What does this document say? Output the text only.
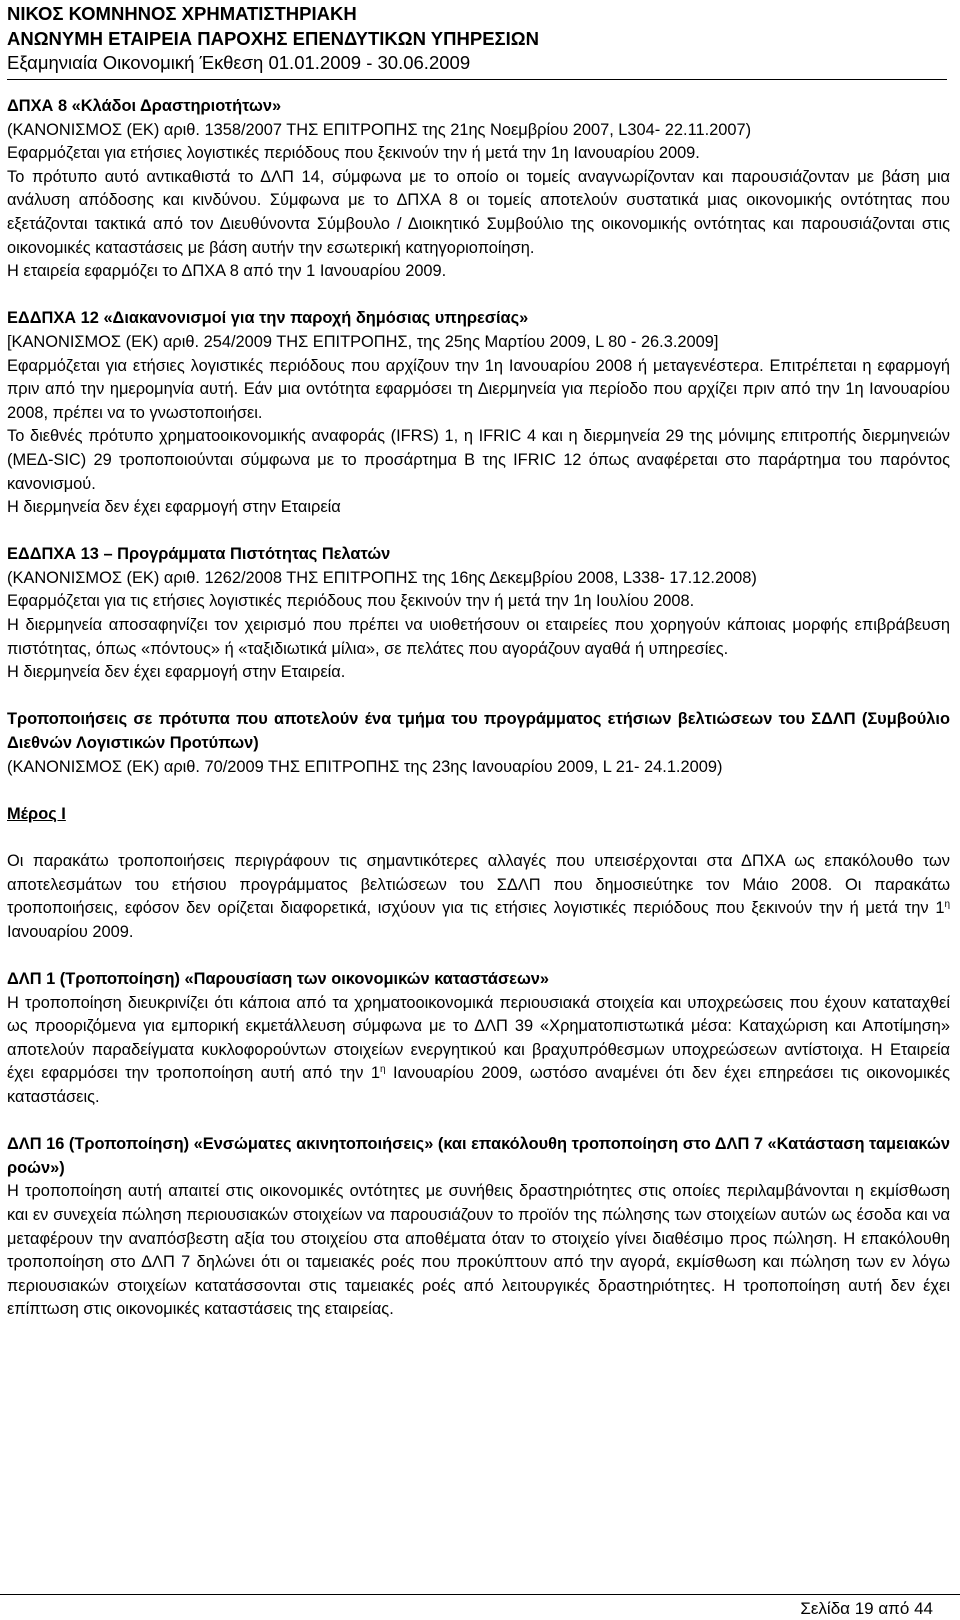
ΝΙΚΟΣ ΚΟΜΝΗΝΟΣ ΧΡΗΜΑΤΙΣΤΗΡΙΑΚΗ
ΑΝΩΝΥΜΗ ΕΤΑΙΡΕΙΑ ΠΑΡΟΧΗΣ ΕΠΕΝΔΥΤΙΚΩΝ ΥΠΗΡΕΣΙΩΝ
Εξαμηνιαία Οικονομική Έκθεση 01.01.2009 - 30.06.2009

ΔΠΧΑ 8 «Κλάδοι Δραστηριοτήτων»

(ΚΑΝΟΝΙΣΜΟΣ (ΕΚ) αριθ. 1358/2007 ΤΗΣ ΕΠΙΤΡΟΠΗΣ της 21ης Νοεμβρίου 2007, L304- 22.11.2007)

Εφαρμόζεται για ετήσιες λογιστικές περιόδους που ξεκινούν την ή μετά την 1η Ιανουαρίου 2009.

Το πρότυπο αυτό αντικαθιστά το ΔΛΠ 14, σύμφωνα με το οποίο οι τομείς αναγνωρίζονταν και παρουσιάζονταν με βάση μια ανάλυση απόδοσης και κινδύνου. Σύμφωνα με το ΔΠΧΑ 8 οι τομείς αποτελούν συστατικά μιας οικονομικής οντότητας που εξετάζονται τακτικά από τον Διευθύνοντα Σύμβουλο / Διοικητικό Συμβούλιο της οικονομικής οντότητας και παρουσιάζονται στις οικονομικές καταστάσεις με βάση αυτήν την εσωτερική κατηγοριοποίηση.

Η εταιρεία εφαρμόζει το ΔΠΧΑ 8 από την 1 Ιανουαρίου 2009.

ΕΔΔΠΧΑ 12 «Διακανονισμοί για την παροχή δημόσιας υπηρεσίας»

[ΚΑΝΟΝΙΣΜΟΣ (ΕΚ) αριθ. 254/2009 ΤΗΣ ΕΠΙΤΡΟΠΗΣ, της 25ης Μαρτίου 2009, L 80 - 26.3.2009]

Εφαρμόζεται για ετήσιες λογιστικές περιόδους που αρχίζουν την 1η Ιανουαρίου 2008 ή μεταγενέστερα. Επιτρέπεται η εφαρμογή πριν από την ημερομηνία αυτή. Εάν μια οντότητα εφαρμόσει τη Διερμηνεία για περίοδο που αρχίζει πριν από την 1η Ιανουαρίου 2008, πρέπει να το γνωστοποιήσει.

Το διεθνές πρότυπο χρηματοοικονομικής αναφοράς (IFRS) 1, η IFRIC 4 και η διερμηνεία 29 της μόνιμης επιτροπής διερμηνειών (ΜΕΔ-SIC) 29 τροποποιούνται σύμφωνα με το προσάρτημα Β της IFRIC 12 όπως αναφέρεται στο παράρτημα του παρόντος κανονισμού.

Η διερμηνεία δεν έχει εφαρμογή στην Εταιρεία

ΕΔΔΠΧΑ 13 – Προγράμματα Πιστότητας Πελατών

(ΚΑΝΟΝΙΣΜΟΣ (ΕΚ) αριθ. 1262/2008 ΤΗΣ ΕΠΙΤΡΟΠΗΣ της 16ης Δεκεμβρίου 2008, L338- 17.12.2008)

Εφαρμόζεται για τις ετήσιες λογιστικές περιόδους που ξεκινούν την ή μετά την 1η Ιουλίου 2008.

Η διερμηνεία αποσαφηνίζει τον χειρισμό που πρέπει να υιοθετήσουν οι εταιρείες που χορηγούν κάποιας μορφής επιβράβευση πιστότητας, όπως «πόντους» ή «ταξιδιωτικά μίλια», σε πελάτες που αγοράζουν αγαθά ή υπηρεσίες.

Η διερμηνεία δεν έχει εφαρμογή στην Εταιρεία.

Τροποποιήσεις σε πρότυπα που αποτελούν ένα τμήμα του προγράμματος ετήσιων βελτιώσεων του ΣΔΛΠ (Συμβούλιο Διεθνών Λογιστικών Προτύπων)

(ΚΑΝΟΝΙΣΜΟΣ (ΕΚ) αριθ. 70/2009 ΤΗΣ ΕΠΙΤΡΟΠΗΣ της 23ης Ιανουαρίου 2009, L 21- 24.1.2009)

Μέρος Ι

Οι παρακάτω τροποποιήσεις περιγράφουν τις σημαντικότερες αλλαγές που υπεισέρχονται στα ΔΠΧΑ ως επακόλουθο των αποτελεσμάτων του ετήσιου προγράμματος βελτιώσεων του ΣΔΛΠ που δημοσιεύτηκε τον Μάιο 2008. Οι παρακάτω τροποποιήσεις, εφόσον δεν ορίζεται διαφορετικά, ισχύουν για τις ετήσιες λογιστικές περιόδους που ξεκινούν την ή μετά την $1^\eta$ Ιανουαρίου 2009.

ΔΛΠ 1 (Τροποποίηση) «Παρουσίαση των οικονομικών καταστάσεων»

Η τροποποίηση διευκρινίζει ότι κάποια από τα χρηματοοικονομικά περιουσιακά στοιχεία και υποχρεώσεις που έχουν καταταχθεί ως προοριζόμενα για εμπορική εκμετάλλευση σύμφωνα με το ΔΛΠ 39 «Χρηματοπιστωτικά μέσα: Καταχώριση και Αποτίμηση» αποτελούν παραδείγματα κυκλοφορούντων στοιχείων ενεργητικού και βραχυπρόθεσμων υποχρεώσεων αντίστοιχα. Η Εταιρεία έχει εφαρμόσει την τροποποίηση αυτή από την $1^\eta$ Ιανουαρίου 2009, ωστόσο αναμένει ότι δεν έχει επηρεάσει τις οικονομικές καταστάσεις.

ΔΛΠ 16 (Τροποποίηση) «Ενσώματες ακινητοποιήσεις» (και επακόλουθη τροποποίηση στο ΔΛΠ 7 «Κατάσταση ταμειακών ροών»)

Η τροποποίηση αυτή απαιτεί στις οικονομικές οντότητες με συνήθεις δραστηριότητες στις οποίες περιλαμβάνονται η εκμίσθωση και εν συνεχεία πώληση περιουσιακών στοιχείων να παρουσιάζουν το προϊόν της πώλησης των στοιχείων αυτών ως έσοδα και να μεταφέρουν την αναπόσβεστη αξία του στοιχείου στα αποθέματα όταν το στοιχείο γίνει διαθέσιμο προς πώληση. Η επακόλουθη τροποποίηση στο ΔΛΠ 7 δηλώνει ότι οι ταμειακές ροές που προκύπτουν από την αγορά, εκμίσθωση και πώληση των εν λόγω περιουσιακών στοιχείων κατατάσσονται στις ταμειακές ροές από λειτουργικές δραστηριότητες. Η τροποποίηση αυτή δεν έχει επίπτωση στις οικονομικές καταστάσεις της εταιρείας.

Σελίδα 19 από 44
